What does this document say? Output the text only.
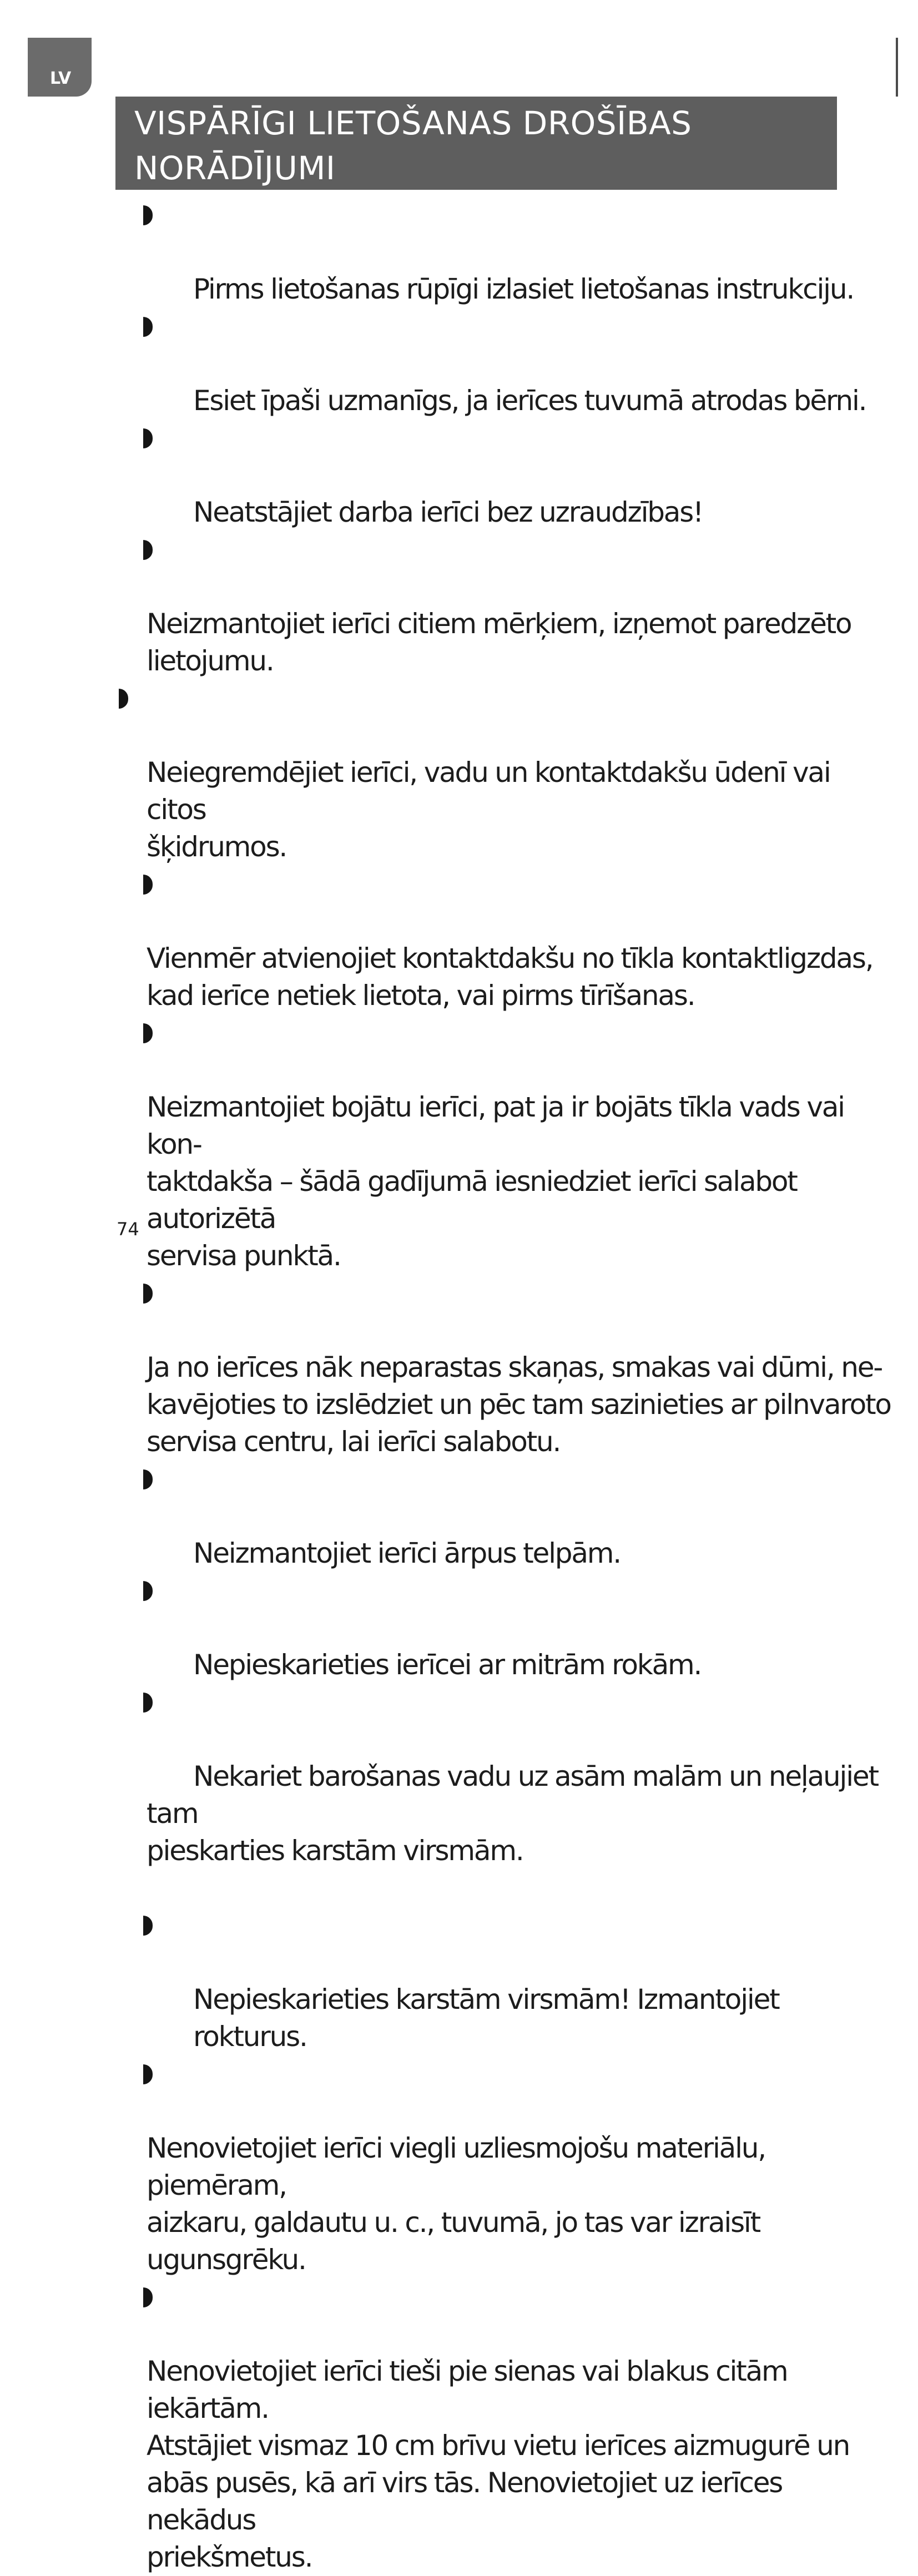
LV
VISPĀRĪGI LIETOŠANAS DROŠĪBAS
NORĀDĪJUMI

Pirms lietošanas rūpīgi izlasiet lietošanas instrukciju.

Esiet īpaši uzmanīgs, ja ierīces tuvumā atrodas bērni.

Neatstājiet darba ierīci bez uzraudzības!

Neizmantojiet ierīci citiem mērķiem, izņemot paredzēto
lietojumu.

Neiegremdējiet ierīci, vadu un kontaktdakšu ūdenī vai citos
šķidrumos.

Vienmēr atvienojiet kontaktdakšu no tīkla kontaktligzdas,
kad ierīce netiek lietota, vai pirms tīrīšanas.

Neizmantojiet bojātu ierīci, pat ja ir bojāts tīkla vads vai kon-
taktdakša – šādā gadījumā iesniedziet ierīci salabot autorizētā
servisa punktā.

Ja no ierīces nāk neparastas skaņas, smakas vai dūmi, ne-
kavējoties to izslēdziet un pēc tam sazinieties ar pilnvaroto
servisa centru, lai ierīci salabotu.

Neizmantojiet ierīci ārpus telpām.

Nepieskarieties ierīcei ar mitrām rokām.

Nekariet barošanas vadu uz asām malām un neļaujiet tam
pieskarties karstām virsmām.

Nepieskarieties karstām virsmām! Izmantojiet rokturus.

Nenovietojiet ierīci viegli uzliesmojošu materiālu, piemēram,
aizkaru, galdautu u. c., tuvumā, jo tas var izraisīt ugunsgrēku.

Nenovietojiet ierīci tieši pie sienas vai blakus citām iekārtām.
Atstājiet vismaz 10 cm brīvu vietu ierīces aizmugurē un
abās pusēs, kā arī virs tās. Nenovietojiet uz ierīces nekādus
priekšmetus.

74
